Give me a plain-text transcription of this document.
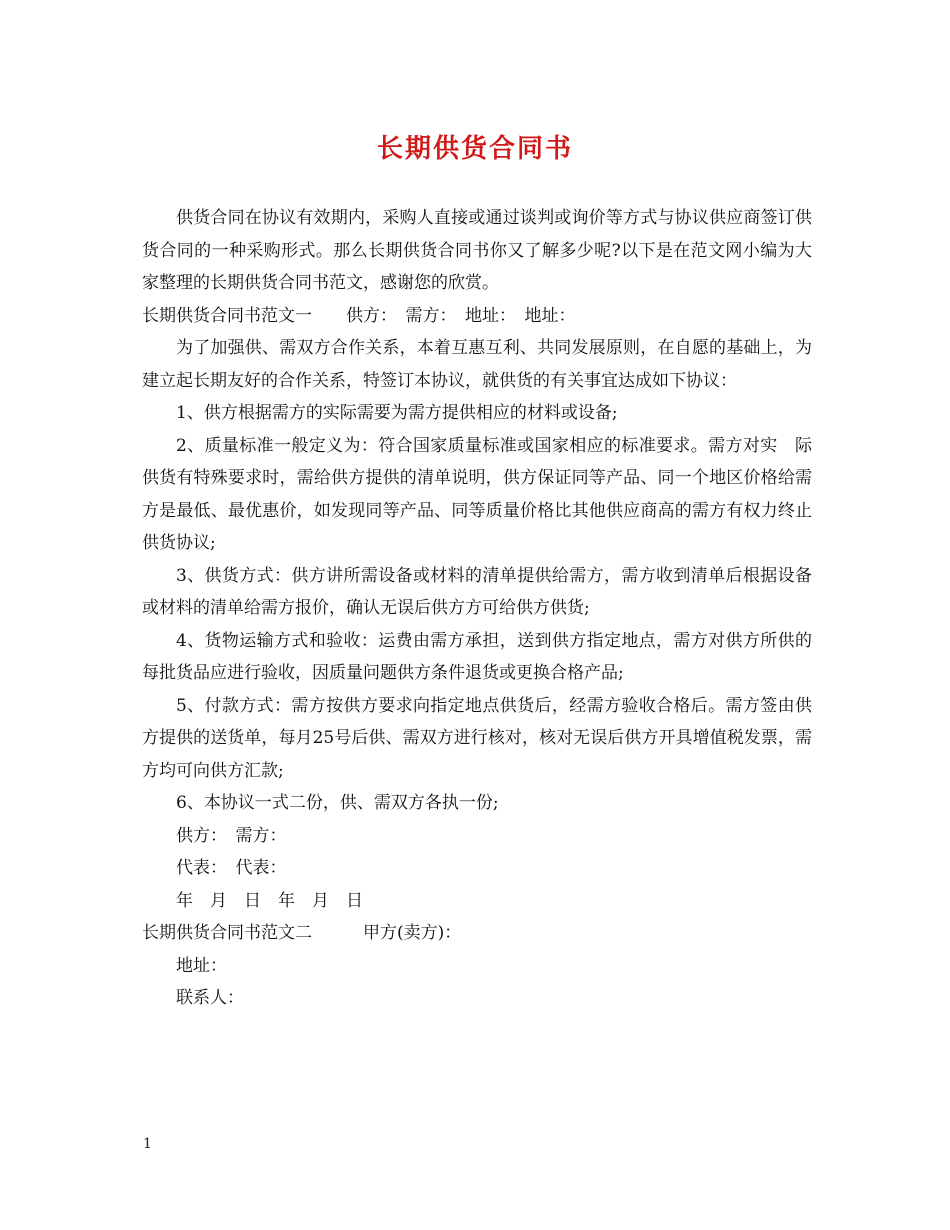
长期供货合同书

供货合同在协议有效期内，采购人直接或通过谈判或询价等方式与协议供应商签订供货合同的一种采购形式。那么长期供货合同书你又了解多少呢?以下是在范文网小编为大家整理的长期供货合同书范文，感谢您的欣赏。

长期供货合同书范文一　　供方：　需方：　地址：　地址：

为了加强供、需双方合作关系，本着互惠互利、共同发展原则，在自愿的基础上，为建立起长期友好的合作关系，特签订本协议，就供货的有关事宜达成如下协议：

1、供方根据需方的实际需要为需方提供相应的材料或设备;

2、质量标准一般定义为：符合国家质量标准或国家相应的标准要求。需方对实　际供货有特殊要求时，需给供方提供的清单说明，供方保证同等产品、同一个地区价格给需方是最低、最优惠价，如发现同等产品、同等质量价格比其他供应商高的需方有权力终止供货协议;

3、供货方式：供方讲所需设备或材料的清单提供给需方，需方收到清单后根据设备或材料的清单给需方报价，确认无误后供方方可给供方供货;

4、货物运输方式和验收：运费由需方承担，送到供方指定地点，需方对供方所供的每批货品应进行验收，因质量问题供方条件退货或更换合格产品;

5、付款方式：需方按供方要求向指定地点供货后，经需方验收合格后。需方签由供方提供的送货单，每月25号后供、需双方进行核对，核对无误后供方开具增值税发票，需方均可向供方汇款;

6、本协议一式二份，供、需双方各执一份;

供方：　需方：

代表：　代表：

年　月　日　年　月　日

长期供货合同书范文二　　　甲方(卖方)：

地址：

联系人：

1
